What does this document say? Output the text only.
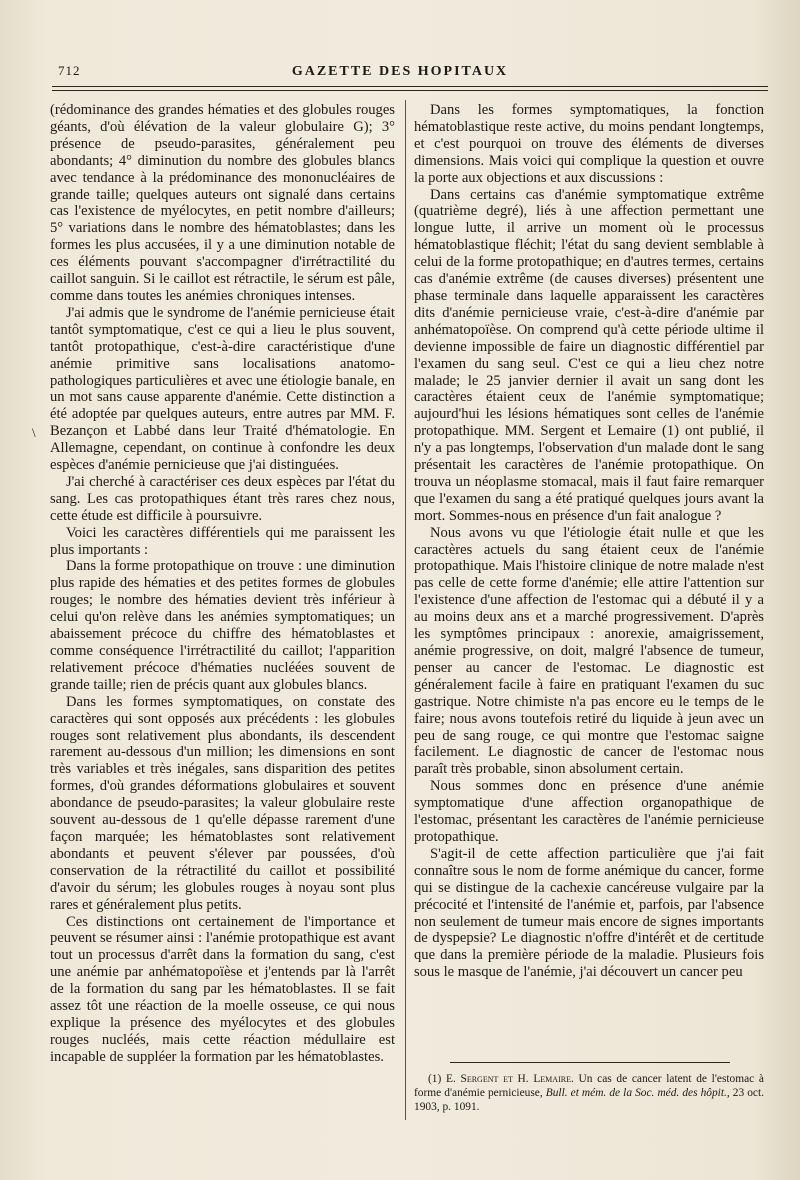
712	GAZETTE DES HOPITAUX
\

(rédominance des grandes hématies et des globules rouges géants, d'où élévation de la valeur globulaire G); 3° présence de pseudo-parasites, généralement peu abondants; 4° diminution du nombre des globules blancs avec tendance à la prédominance des mononucléaires de grande taille; quelques auteurs ont signalé dans certains cas l'existence de myélocytes, en petit nombre d'ailleurs; 5° variations dans le nombre des hématoblastes; dans les formes les plus accusées, il y a une diminution notable de ces éléments pouvant s'accompagner d'irrétractilité du caillot sanguin. Si le caillot est rétractile, le sérum est pâle, comme dans toutes les anémies chroniques intenses.

J'ai admis que le syndrome de l'anémie pernicieuse était tantôt symptomatique, c'est ce qui a lieu le plus souvent, tantôt protopathique, c'est-à-dire caractéristique d'une anémie primitive sans localisations anatomo-pathologiques particulières et avec une étiologie banale, en un mot sans cause apparente d'anémie. Cette distinction a été adoptée par quelques auteurs, entre autres par MM. F. Bezançon et Labbé dans leur Traité d'hématologie. En Allemagne, cependant, on continue à confondre les deux espèces d'anémie pernicieuse que j'ai distinguées.

J'ai cherché à caractériser ces deux espèces par l'état du sang. Les cas protopathiques étant très rares chez nous, cette étude est difficile à poursuivre.

Voici les caractères différentiels qui me paraissent les plus importants :

Dans la forme protopathique on trouve : une diminution plus rapide des hématies et des petites formes de globules rouges; le nombre des hématies devient très inférieur à celui qu'on relève dans les anémies symptomatiques; un abaissement précoce du chiffre des hématoblastes et comme conséquence l'irrétractilité du caillot; l'apparition relativement précoce d'hématies nucléées souvent de grande taille; rien de précis quant aux globules blancs.

Dans les formes symptomatiques, on constate des caractères qui sont opposés aux précédents : les globules rouges sont relativement plus abondants, ils descendent rarement au-dessous d'un million; les dimensions en sont très variables et très inégales, sans disparition des petites formes, d'où grandes déformations globulaires et souvent abondance de pseudo-parasites; la valeur globulaire reste souvent au-dessous de 1 qu'elle dépasse rarement d'une façon marquée; les hématoblastes sont relativement abondants et peuvent s'élever par poussées, d'où conservation de la rétractilité du caillot et possibilité d'avoir du sérum; les globules rouges à noyau sont plus rares et généralement plus petits.

Ces distinctions ont certainement de l'importance et peuvent se résumer ainsi : l'anémie protopathique est avant tout un processus d'arrêt dans la formation du sang, c'est une anémie par anhématopoïèse et j'entends par là l'arrêt de la formation du sang par les hématoblastes. Il se fait assez tôt une réaction de la moelle osseuse, ce qui nous explique la présence des myélocytes et des globules rouges nucléés, mais cette réaction médullaire est incapable de suppléer la formation par les hématoblastes.

Dans les formes symptomatiques, la fonction hématoblastique reste active, du moins pendant longtemps, et c'est pourquoi on trouve des éléments de diverses dimensions. Mais voici qui complique la question et ouvre la porte aux objections et aux discussions :

Dans certains cas d'anémie symptomatique extrême (quatrième degré), liés à une affection permettant une longue lutte, il arrive un moment où le processus hématoblastique fléchit; l'état du sang devient semblable à celui de la forme protopathique; en d'autres termes, certains cas d'anémie extrême (de causes diverses) présentent une phase terminale dans laquelle apparaissent les caractères dits d'anémie pernicieuse vraie, c'est-à-dire d'anémie par anhématopoïèse. On comprend qu'à cette période ultime il devienne impossible de faire un diagnostic différentiel par l'examen du sang seul. C'est ce qui a lieu chez notre malade; le 25 janvier dernier il avait un sang dont les caractères étaient ceux de l'anémie symptomatique; aujourd'hui les lésions hématiques sont celles de l'anémie protopathique. MM. Sergent et Lemaire (1) ont publié, il n'y a pas longtemps, l'observation d'un malade dont le sang présentait les caractères de l'anémie protopathique. On trouva un néoplasme stomacal, mais il faut faire remarquer que l'examen du sang a été pratiqué quelques jours avant la mort. Sommes-nous en présence d'un fait analogue ?

Nous avons vu que l'étiologie était nulle et que les caractères actuels du sang étaient ceux de l'anémie protopathique. Mais l'histoire clinique de notre malade n'est pas celle de cette forme d'anémie; elle attire l'attention sur l'existence d'une affection de l'estomac qui a débuté il y a au moins deux ans et a marché progressivement. D'après les symptômes principaux : anorexie, amaigrissement, anémie progressive, on doit, malgré l'absence de tumeur, penser au cancer de l'estomac. Le diagnostic est généralement facile à faire en pratiquant l'examen du suc gastrique. Notre chimiste n'a pas encore eu le temps de le faire; nous avons toutefois retiré du liquide à jeun avec un peu de sang rouge, ce qui montre que l'estomac saigne facilement. Le diagnostic de cancer de l'estomac nous paraît très probable, sinon absolument certain.

Nous sommes donc en présence d'une anémie symptomatique d'une affection organopathique de l'estomac, présentant les caractères de l'anémie pernicieuse protopathique.

S'agit-il de cette affection particulière que j'ai fait connaître sous le nom de forme anémique du cancer, forme qui se distingue de la cachexie cancéreuse vulgaire par la précocité et l'intensité de l'anémie et, parfois, par l'absence non seulement de tumeur mais encore de signes importants de dyspepsie? Le diagnostic n'offre d'intérêt et de certitude que dans la première période de la maladie. Plusieurs fois sous le masque de l'anémie, j'ai découvert un cancer peu

(1) E. Sergent et H. Lemaire. Un cas de cancer latent de l'estomac à forme d'anémie pernicieuse, Bull. et mém. de la Soc. méd. des hôpit., 23 oct. 1903, p. 1091.
